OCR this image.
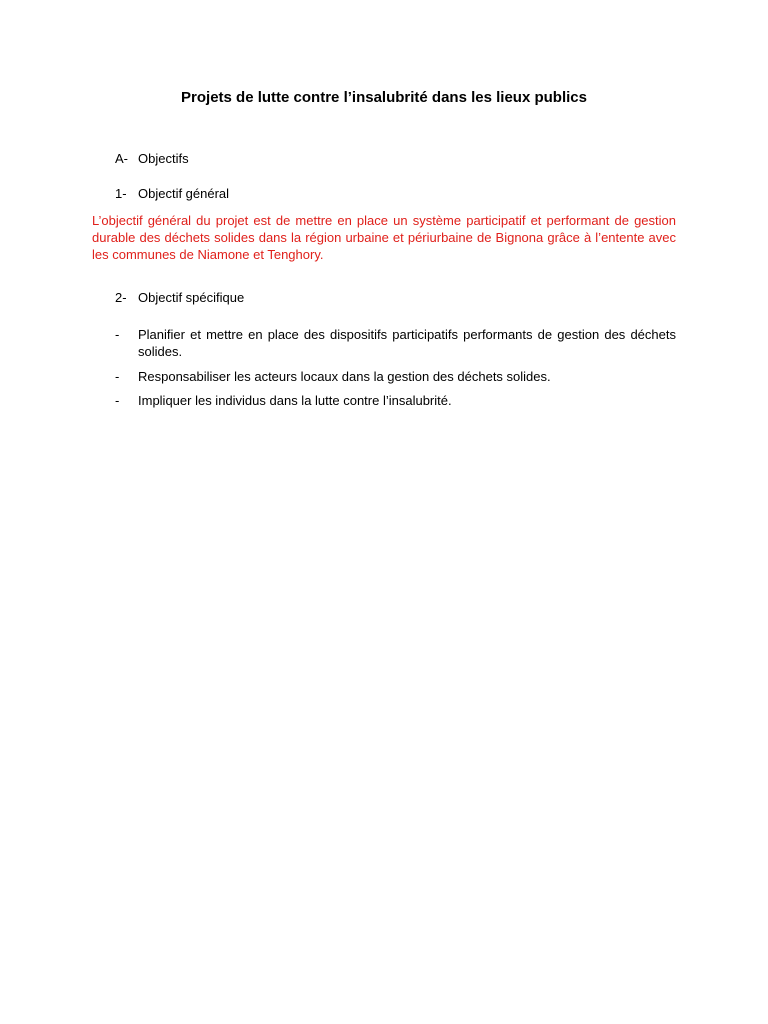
Projets de lutte contre l’insalubrité dans les lieux publics
A- Objectifs
1- Objectif général
L’objectif général du projet est de mettre en place un système participatif et performant de gestion durable des déchets solides dans la région urbaine et périurbaine de Bignona grâce à l’entente avec les communes de Niamone et Tenghory.
2- Objectif spécifique
- Planifier et mettre en place des dispositifs participatifs performants de gestion des déchets solides.
- Responsabiliser les acteurs locaux dans la gestion des déchets solides.
- Impliquer les individus dans la lutte contre l’insalubrité.
